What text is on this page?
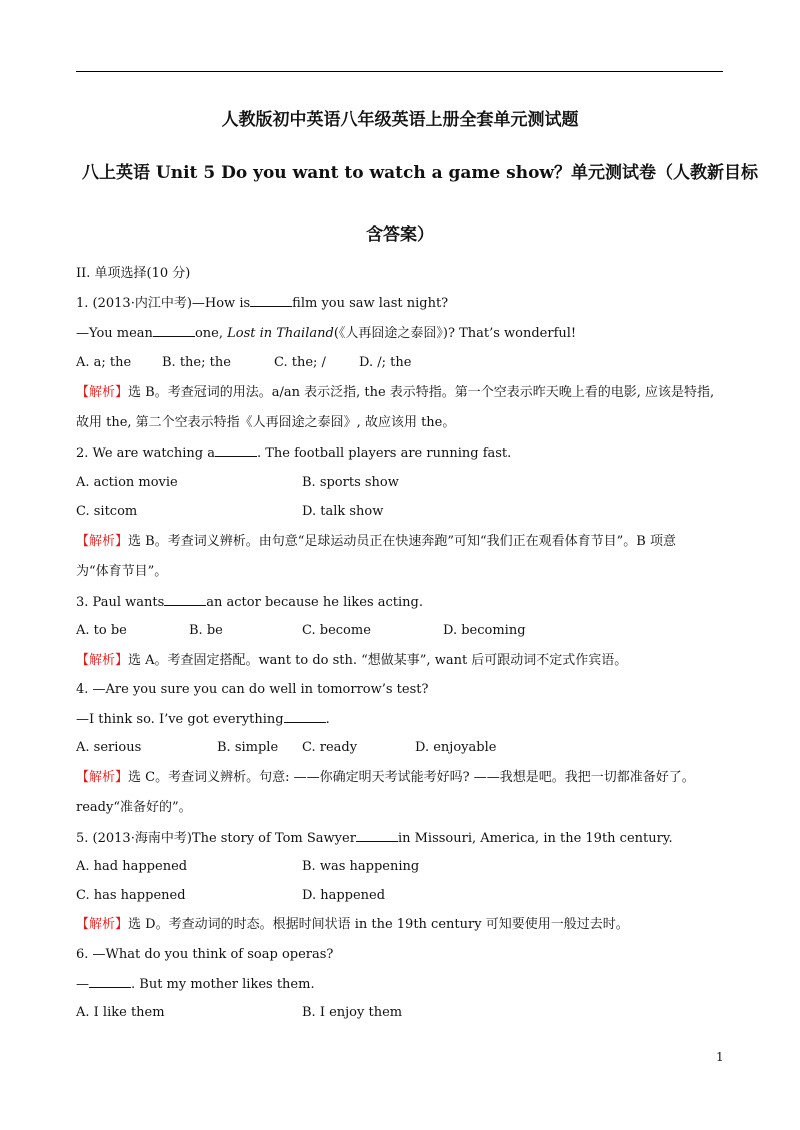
人教版初中英语八年级英语上册全套单元测试题
八上英语 Unit 5 Do you want to watch a game show？单元测试卷（人教新目标
含答案）
II. 单项选择(10 分)
1. (2013·内江中考)—How is	film you saw last night?
—You mean	one, Lost in Thailand(《人再囧途之泰囧》)? That’s wonderful!
A. a; the B. the; the	C. the; /	D. /; the
【解析】选 B。考查冠词的用法。a/an 表示泛指, the 表示特指。第一个空表示昨天晚上看的电影, 应该是特指,
故用 the, 第二个空表示特指《人再囧途之泰囧》, 故应该用 the。
2. We are watching a	. The football players are running fast.
A. action movie	B. sports show
C. sitcom	D. talk show
【解析】选 B。考查词义辨析。由句意“足球运动员正在快速奔跑”可知“我们正在观看体育节目”。B 项意
为“体育节目”。
3. Paul wants	an actor because he likes acting.
A. to be	B. be	C. become	D. becoming
【解析】选 A。考查固定搭配。want to do sth. “想做某事”, want 后可跟动词不定式作宾语。
4. —Are you sure you can do well in tomorrow’s test?
—I think so. I’ve got everything	.
A. serious	B. simple C. ready	D. enjoyable
【解析】选 C。考查词义辨析。句意: ——你确定明天考试能考好吗? ——我想是吧。我把一切都准备好了。
ready“准备好的”。
5. (2013·海南中考)The story of Tom Sawyer	in Missouri, America, in the 19th century.
A. had happened	B. was happening
C. has happened	D. happened
【解析】选 D。考查动词的时态。根据时间状语 in the 19th century 可知要使用一般过去时。
6. —What do you think of soap operas?
—	. But my mother likes them.
A. I like them	B. I enjoy them
1
